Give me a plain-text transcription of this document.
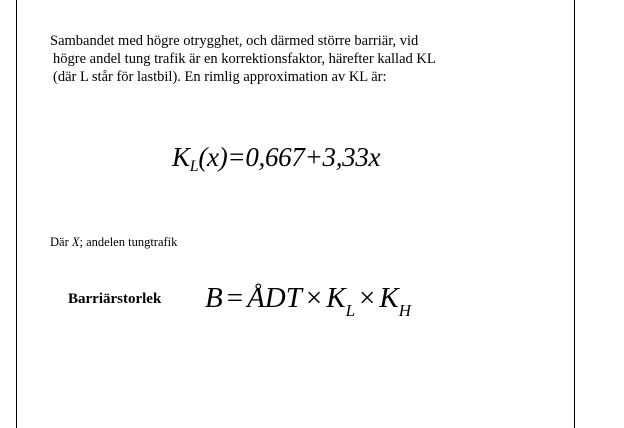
Sambandet med högre otrygghet, och därmed större barriär, vid
högre andel tung trafik är en korrektionsfaktor, härefter kallad KL
(där L står för lastbil). En rimlig approximation av KL är:

KL(x)=0,667+3,33x
Där X; andelen tungtrafik
Barriärstorlek B = ÅDT × $K_L \times K_H$
